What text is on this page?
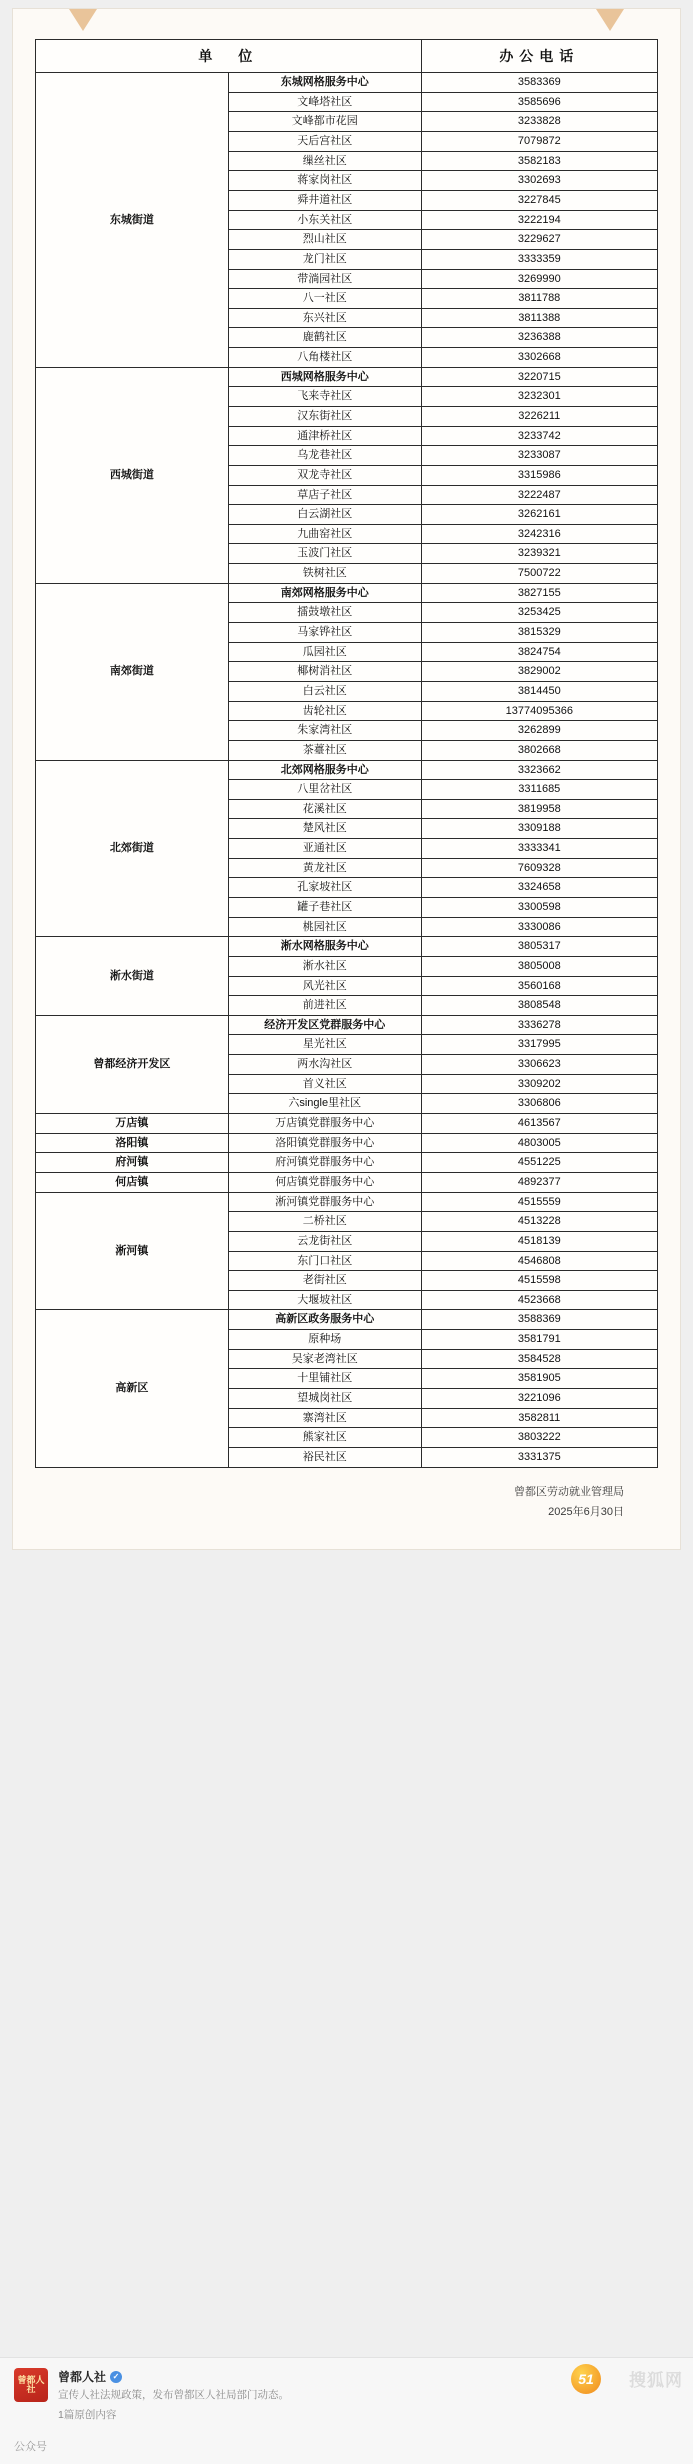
单　位		办公电话
东城街道	东城网格服务中心	3583369
	文峰塔社区	3585696
	文峰都市花园	3233828
	天后宫社区	7079872
	缫丝社区	3582183
	蒋家岗社区	3302693
	舜井道社区	3227845
	小东关社区	3222194
	烈山社区	3229627
	龙门社区	3333359
	带淌园社区	3269990
	八一社区	3811788
	东兴社区	3811388
	鹿鹤社区	3236388
	八角楼社区	3302668
西城街道	西城网格服务中心	3220715
	飞来寺社区	3232301
	汉东街社区	3226211
	通津桥社区	3233742
	乌龙巷社区	3233087
	双龙寺社区	3315986
	草店子社区	3222487
	白云湖社区	3262161
	九曲窑社区	3242316
	玉波门社区	3239321
	铁树社区	7500722
南郊街道	南郊网格服务中心	3827155
	擂鼓墩社区	3253425
	马家铧社区	3815329
	瓜园社区	3824754
	椰树消社区	3829002
	白云社区	3814450
	齿轮社区	13774095366
	朱家湾社区	3262899
	茶薹社区	3802668
北郊街道	北郊网格服务中心	3323662
	八里岔社区	3311685
	花溪社区	3819958
	楚风社区	3309188
	亚通社区	3333341
	黄龙社区	7609328
	孔家坡社区	3324658
	罐子巷社区	3300598
	桃园社区	3330086
淅水街道	淅水网格服务中心	3805317
	淅水社区	3805008
	风光社区	3560168
	前进社区	3808548
曾都经济开发区	经济开发区党群服务中心	3336278
	星光社区	3317995
	两水沟社区	3306623
	首义社区	3309202
	六single里社区	3306806
万店镇	万店镇党群服务中心	4613567
洛阳镇	洛阳镇党群服务中心	4803005
府河镇	府河镇党群服务中心	4551225
何店镇	何店镇党群服务中心	4892377
淅河镇	淅河镇党群服务中心	4515559
	二桥社区	4513228
	云龙街社区	4518139
	东门口社区	4546808
	老街社区	4515598
	大堰坡社区	4523668
高新区	高新区政务服务中心	3588369
	原种场	3581791
	吴家老湾社区	3584528
	十里铺社区	3581905
	望城岗社区	3221096
	寨湾社区	3582811
	熊家社区	3803222
	裕民社区	3331375
曾都区劳动就业管理局
2025年6月30日
曾都人社
曾都人社 ✓
宣传人社法规政策，发布曾都区人社局部门动态。
1篇原创内容
51	搜狐网
公众号
